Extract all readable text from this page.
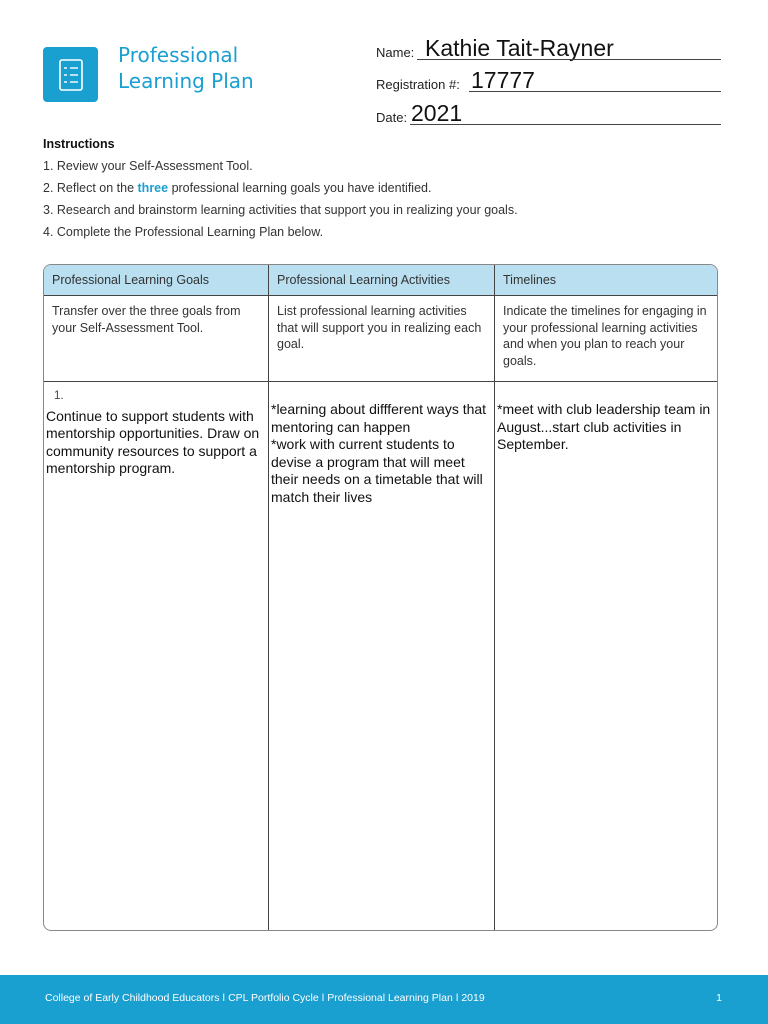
Professional
Learning Plan
Name: Kathie Tait-Rayner
Registration #: 17777
Date: 2021
Instructions
1. Review your Self-Assessment Tool.
2. Reflect on the three professional learning goals you have identified.
3. Research and brainstorm learning activities that support you in realizing your goals.
4. Complete the Professional Learning Plan below.
Professional Learning Goals
Transfer over the three goals from your Self-Assessment Tool.
1.
Continue to support students with mentorship opportunities. Draw on community resources to support a mentorship program.
Professional Learning Activities
List professional learning activities that will support you in realizing each goal.
*learning about diffferent ways that mentoring can happen
*work with current students to devise a program that will meet their needs on a timetable that will match their lives
Timelines
Indicate the timelines for engaging in your professional learning activities and when you plan to reach your goals.
*meet with club leadership team in August...start club activities in September.
College of Early Childhood Educators ǀ CPL Portfolio Cycle ǀ Professional Learning Plan ǀ 2019	1
